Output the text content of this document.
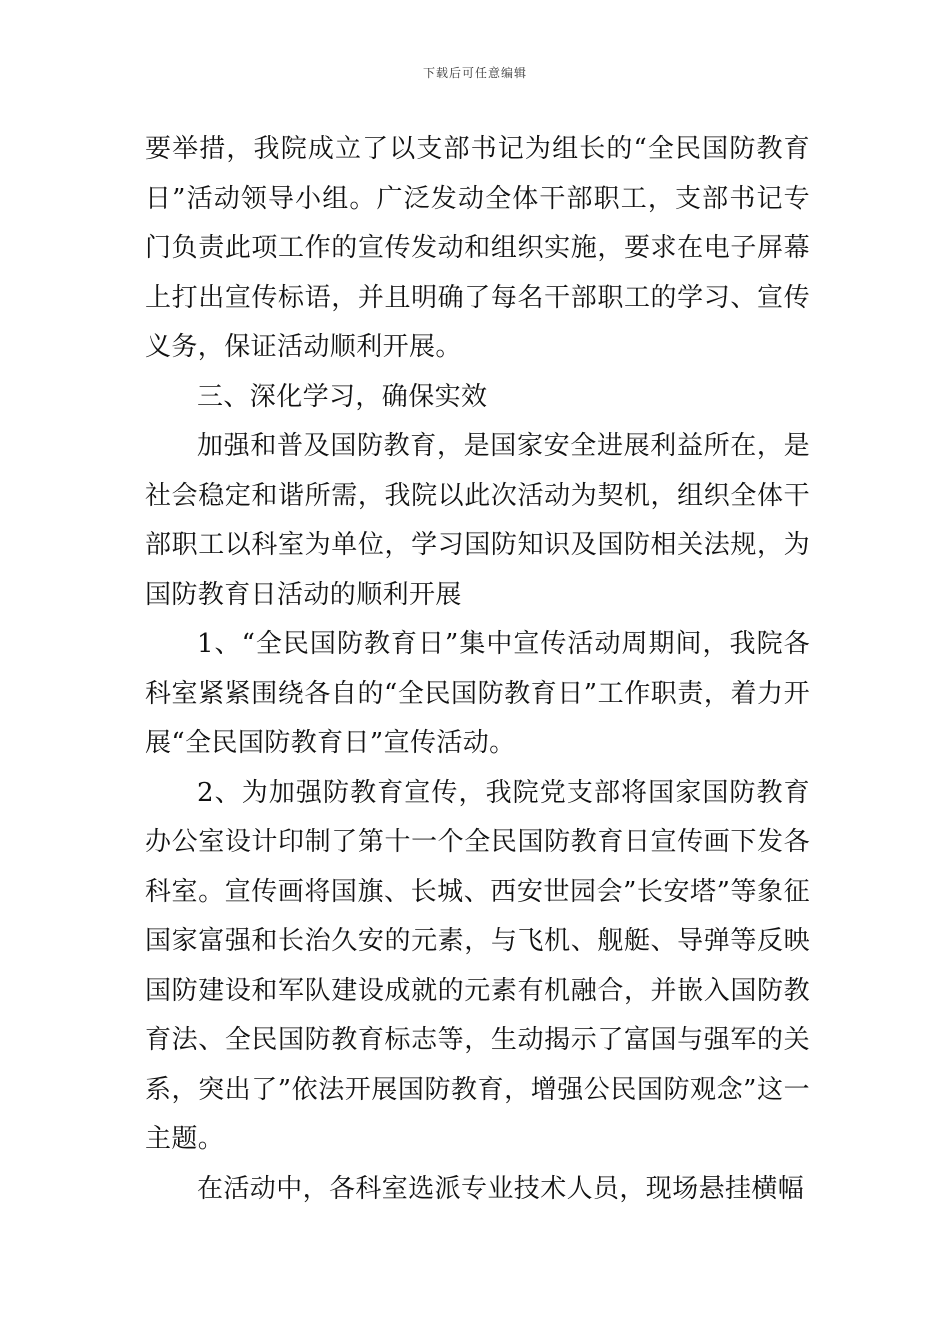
下载后可任意编辑

要举措，我院成立了以支部书记为组长的“全民国防教育日”活动领导小组。广泛发动全体干部职工，支部书记专门负责此项工作的宣传发动和组织实施，要求在电子屏幕上打出宣传标语，并且明确了每名干部职工的学习、宣传义务，保证活动顺利开展。

三、深化学习，确保实效

加强和普及国防教育，是国家安全进展利益所在，是社会稳定和谐所需，我院以此次活动为契机，组织全体干部职工以科室为单位，学习国防知识及国防相关法规，为国防教育日活动的顺利开展

1、“全民国防教育日”集中宣传活动周期间，我院各科室紧紧围绕各自的“全民国防教育日”工作职责，着力开展“全民国防教育日”宣传活动。

2、为加强防教育宣传，我院党支部将国家国防教育办公室设计印制了第十一个全民国防教育日宣传画下发各科室。宣传画将国旗、长城、西安世园会”长安塔”等象征国家富强和长治久安的元素，与飞机、舰艇、导弹等反映国防建设和军队建设成就的元素有机融合，并嵌入国防教育法、全民国防教育标志等，生动揭示了富国与强军的关系，突出了”依法开展国防教育，增强公民国防观念”这一主题。

在活动中，各科室选派专业技术人员，现场悬挂横幅
